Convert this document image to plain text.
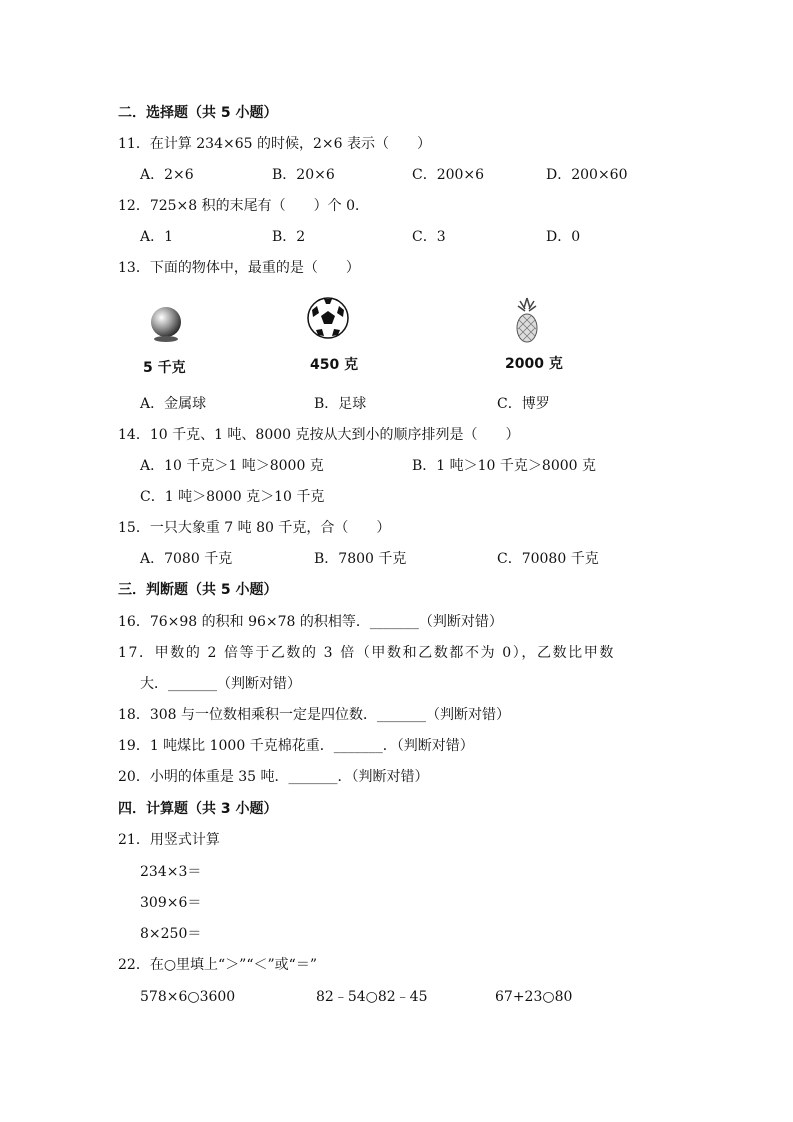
二．选择题（共 5 小题）
11．在计算 234×65 的时候，2×6 表示（　　）
A．2×6	B．20×6	C．200×6	D．200×60
12．725×8 积的末尾有（　　）个 0．
A．1	B．2	C．3	D．0
13．下面的物体中，最重的是（　　）
5 千克	450 克	2000 克
A．金属球	B．足球	C．博罗
14．10 千克、1 吨、8000 克按从大到小的顺序排列是（　　）
A．10 千克＞1 吨＞8000 克	B．1 吨＞10 千克＞8000 克
C．1 吨＞8000 克＞10 千克
15．一只大象重 7 吨 80 千克，合（　　）
A．7080 千克	B．7800 千克	C．70080 千克
三．判断题（共 5 小题）
16．76×98 的积和 96×78 的积相等．_______（判断对错）
17．甲数的 2 倍等于乙数的 3 倍（甲数和乙数都不为 0），乙数比甲数
大．_______（判断对错）
18．308 与一位数相乘积一定是四位数．_______（判断对错）
19．1 吨煤比 1000 千克棉花重．_______．（判断对错）
20．小明的体重是 35 吨．_______．（判断对错）
四．计算题（共 3 小题）
21．用竖式计算
234×3＝
309×6＝
8×250＝
22．在○里填上“＞”“＜”或“＝”
578×6○3600	82﹣54○82﹣45	67+23○80
